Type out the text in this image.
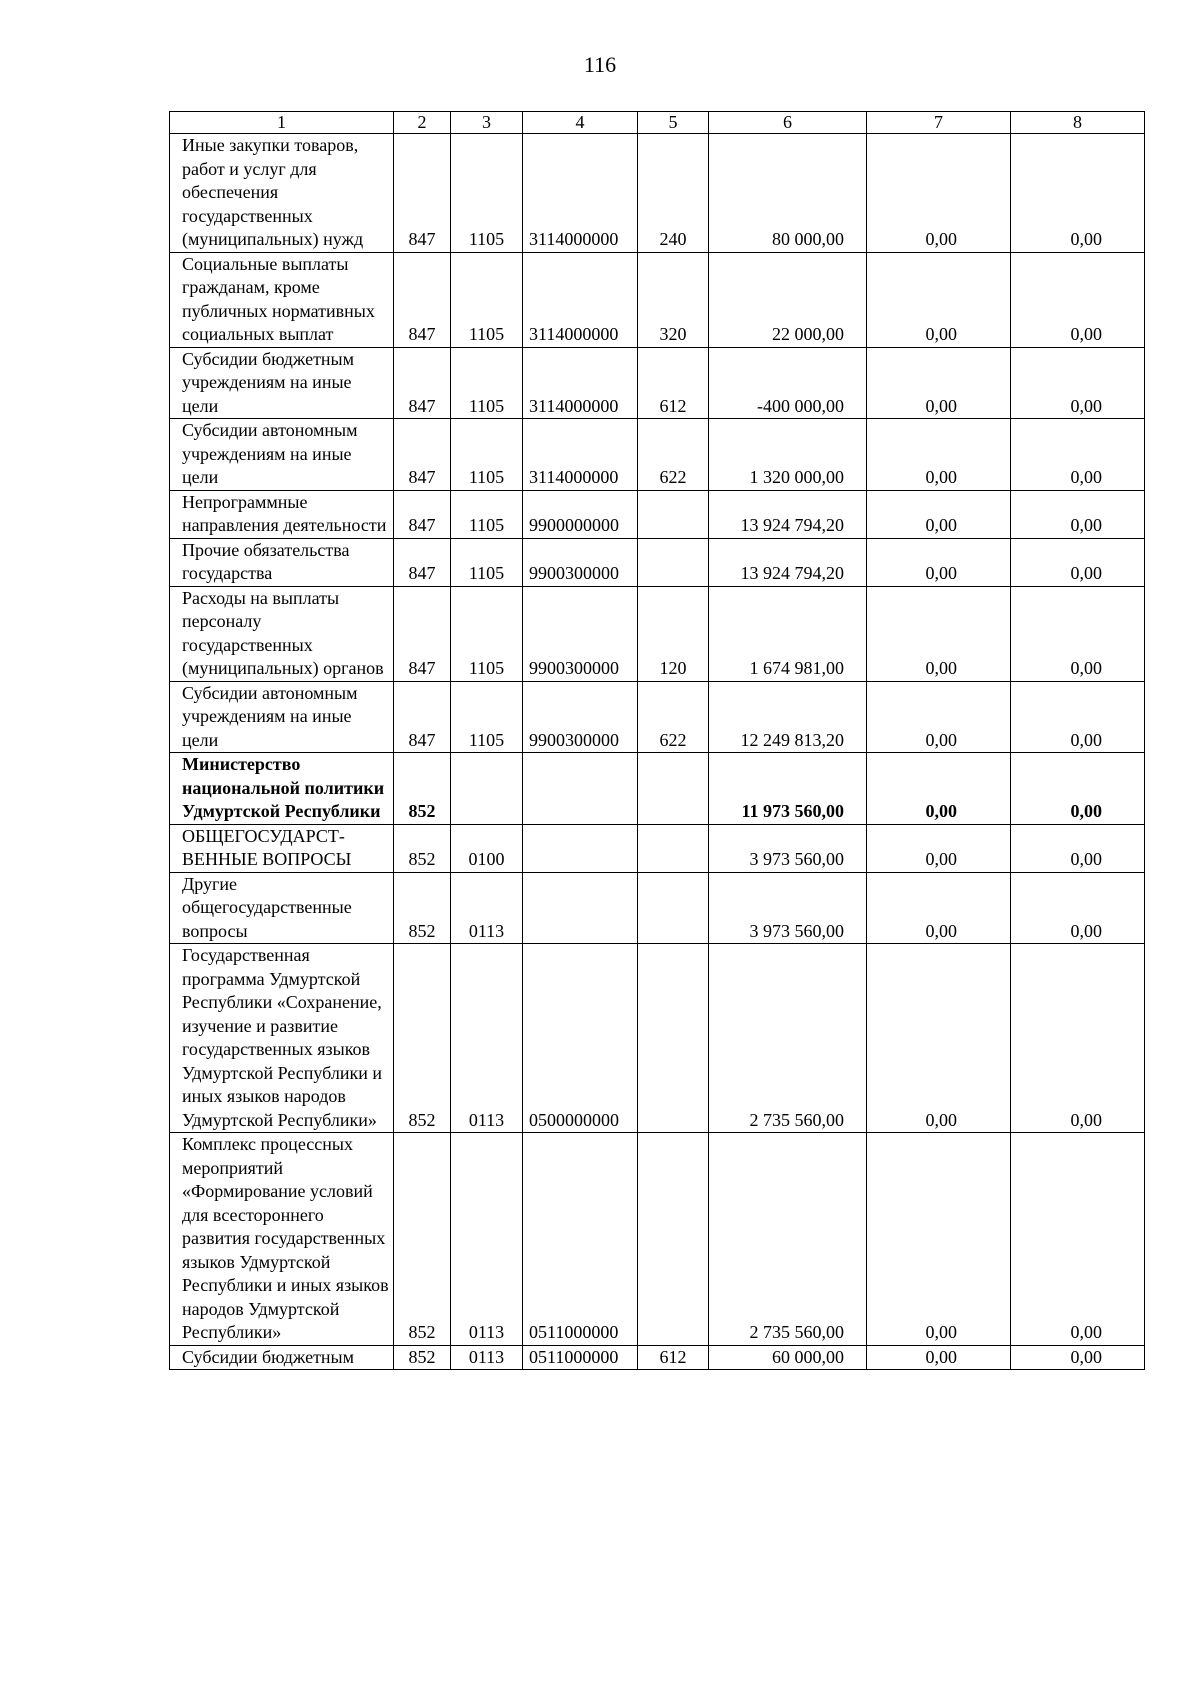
116
1	2	3	4	5	6	7	8
Иные закупки товаров, работ и услуг для обеспечения государственных (муниципальных) нужд	847	1105	3114000000	240	80 000,00	0,00	0,00
Социальные выплаты гражданам, кроме публичных нормативных социальных выплат	847	1105	3114000000	320	22 000,00	0,00	0,00
Субсидии бюджетным учреждениям на иные цели	847	1105	3114000000	612	-400 000,00	0,00	0,00
Субсидии автономным учреждениям на иные цели	847	1105	3114000000	622	1 320 000,00	0,00	0,00
Непрограммные направления деятельности	847	1105	9900000000		13 924 794,20	0,00	0,00
Прочие обязательства государства	847	1105	9900300000		13 924 794,20	0,00	0,00
Расходы на выплаты персоналу государственных (муниципальных) органов	847	1105	9900300000	120	1 674 981,00	0,00	0,00
Субсидии автономным учреждениям на иные цели	847	1105	9900300000	622	12 249 813,20	0,00	0,00
Министерство национальной политики Удмуртской Республики	852				11 973 560,00	0,00	0,00
ОБЩЕГОСУДАРСТ-ВЕННЫЕ ВОПРОСЫ	852	0100			3 973 560,00	0,00	0,00
Другие общегосударственные вопросы	852	0113			3 973 560,00	0,00	0,00
Государственная программа Удмуртской Республики «Сохранение, изучение и развитие государственных языков Удмуртской Республики и иных языков народов Удмуртской Республики»	852	0113	0500000000		2 735 560,00	0,00	0,00
Комплекс процессных мероприятий «Формирование условий для всестороннего развития государственных языков Удмуртской Республики и иных языков народов Удмуртской Республики»	852	0113	0511000000		2 735 560,00	0,00	0,00
Субсидии бюджетным	852	0113	0511000000	612	60 000,00	0,00	0,00
